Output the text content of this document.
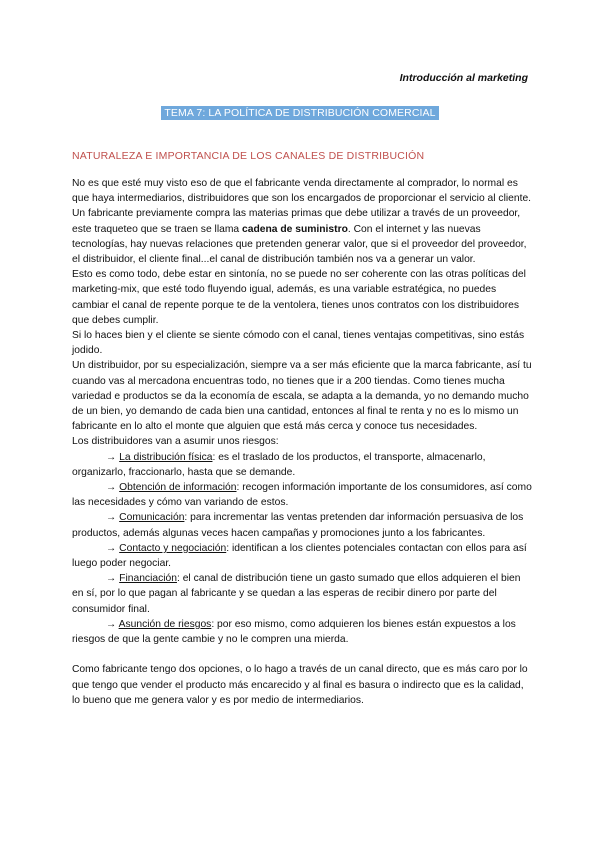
Introducción al marketing
TEMA 7: LA POLÍTICA DE DISTRIBUCIÓN COMERCIAL
NATURALEZA E IMPORTANCIA DE LOS CANALES DE DISTRIBUCIÓN

No es que esté muy visto eso de que el fabricante venda directamente al comprador, lo normal es que haya intermediarios, distribuidores que son los encargados de proporcionar el servicio al cliente.

Un fabricante previamente compra las materias primas que debe utilizar a través de un proveedor, este traqueteo que se traen se llama cadena de suministro. Con el internet y las nuevas tecnologías, hay nuevas relaciones que pretenden generar valor, que si el proveedor del proveedor, el distribuidor, el cliente final...el canal de distribución también nos va a generar un valor.

Esto es como todo, debe estar en sintonía, no se puede no ser coherente con las otras políticas del marketing-mix, que esté todo fluyendo igual, además, es una variable estratégica, no puedes cambiar el canal de repente porque te de la ventolera, tienes unos contratos con los distribuidores que debes cumplir.

Si lo haces bien y el cliente se siente cómodo con el canal, tienes ventajas competitivas, sino estás jodido.

Un distribuidor, por su especialización, siempre va a ser más eficiente que la marca fabricante, así tu cuando vas al mercadona encuentras todo, no tienes que ir a 200 tiendas. Como tienes mucha variedad e productos se da la economía de escala, se adapta a la demanda, yo no demando mucho de un bien, yo demando de cada bien una cantidad, entonces al final te renta y no es lo mismo un fabricante en lo alto el monte que alguien que está más cerca y conoce tus necesidades.

Los distribuidores van a asumir unos riesgos:

→ La distribución física: es el traslado de los productos, el transporte, almacenarlo, organizarlo, fraccionarlo, hasta que se demande.

→ Obtención de información: recogen información importante de los consumidores, así como las necesidades y cómo van variando de estos.

→ Comunicación: para incrementar las ventas pretenden dar información persuasiva de los productos, además algunas veces hacen campañas y promociones junto a los fabricantes.

→ Contacto y negociación: identifican a los clientes potenciales contactan con ellos para así luego poder negociar.

→ Financiación: el canal de distribución tiene un gasto sumado que ellos adquieren el bien en sí, por lo que pagan al fabricante y se quedan a las esperas de recibir dinero por parte del consumidor final.

→ Asunción de riesgos: por eso mismo, como adquieren los bienes están expuestos a los riesgos de que la gente cambie y no le compren una mierda.

Como fabricante tengo dos opciones, o lo hago a través de un canal directo, que es más caro por lo que tengo que vender el producto más encarecido y al final es basura o indirecto que es la calidad, lo bueno que me genera valor y es por medio de intermediarios.
